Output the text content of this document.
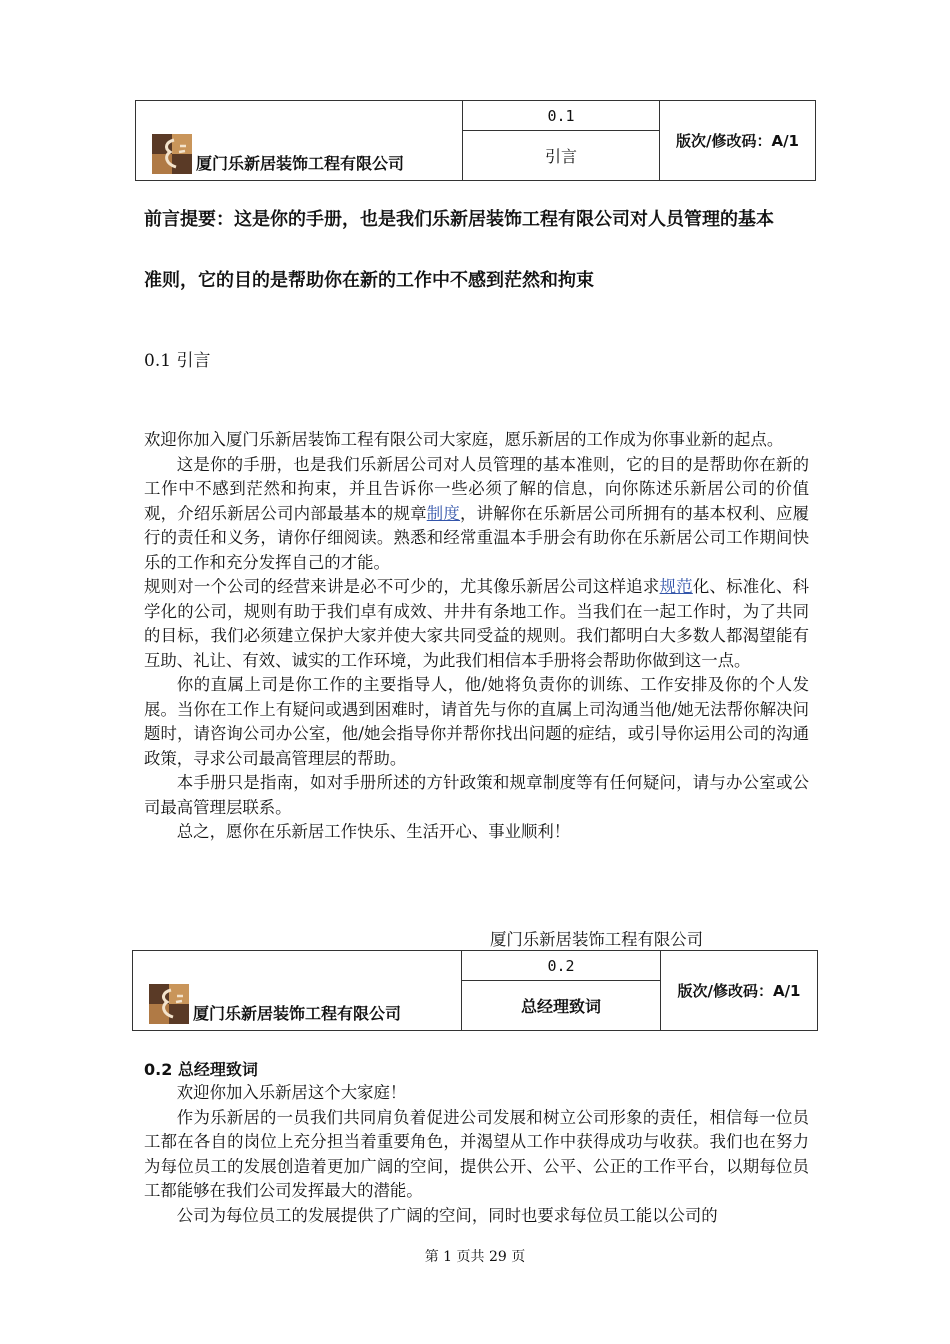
厦门乐新居装饰工程有限公司
	0.1	版次/修改码：A/1
引言

前言提要：这是你的手册，也是我们乐新居装饰工程有限公司对人员管理的基本

准则，它的目的是帮助你在新的工作中不感到茫然和拘束

0.1 引言

欢迎你加入厦门乐新居装饰工程有限公司大家庭，愿乐新居的工作成为你事业新的起点。

这是你的手册，也是我们乐新居公司对人员管理的基本准则，它的目的是帮助你在新的工作中不感到茫然和拘束，并且告诉你一些必须了解的信息，向你陈述乐新居公司的价值观，介绍乐新居公司内部最基本的规章制度，讲解你在乐新居公司所拥有的基本权利、应履行的责任和义务，请你仔细阅读。熟悉和经常重温本手册会有助你在乐新居公司工作期间快乐的工作和充分发挥自己的才能。

规则对一个公司的经营来讲是必不可少的，尤其像乐新居公司这样追求规范化、标准化、科学化的公司，规则有助于我们卓有成效、井井有条地工作。当我们在一起工作时，为了共同的目标，我们必须建立保护大家并使大家共同受益的规则。我们都明白大多数人都渴望能有互助、礼让、有效、诚实的工作环境，为此我们相信本手册将会帮助你做到这一点。

你的直属上司是你工作的主要指导人，他/她将负责你的训练、工作安排及你的个人发展。当你在工作上有疑问或遇到困难时，请首先与你的直属上司沟通当他/她无法帮你解决问题时，请咨询公司办公室，他/她会指导你并帮你找出问题的症结，或引导你运用公司的沟通政策，寻求公司最高管理层的帮助。

本手册只是指南，如对手册所述的方针政策和规章制度等有任何疑问，请与办公室或公司最高管理层联系。

总之，愿你在乐新居工作快乐、生活开心、事业顺利！

厦门乐新居装饰工程有限公司

厦门乐新居装饰工程有限公司
	0.2	版次/修改码：A/1
总经理致词

0.2 总经理致词

欢迎你加入乐新居这个大家庭！

作为乐新居的一员我们共同肩负着促进公司发展和树立公司形象的责任，相信每一位员工都在各自的岗位上充分担当着重要角色，并渴望从工作中获得成功与收获。我们也在努力为每位员工的发展创造着更加广阔的空间，提供公开、公平、公正的工作平台，以期每位员工都能够在我们公司发挥最大的潜能。

公司为每位员工的发展提供了广阔的空间，同时也要求每位员工能以公司的

第 1 页共 29 页
